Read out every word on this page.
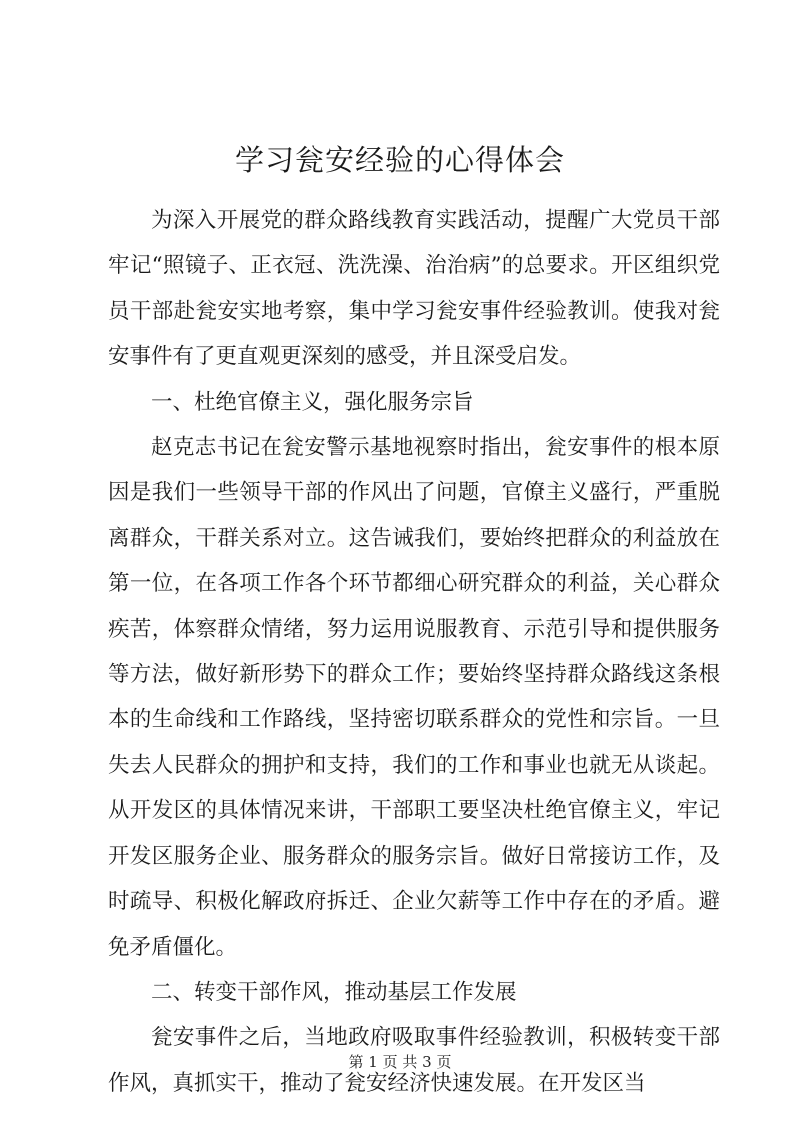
学习瓮安经验的心得体会

为深入开展党的群众路线教育实践活动，提醒广大党员干部牢记“照镜子、正衣冠、洗洗澡、治治病”的总要求。开区组织党员干部赴瓮安实地考察，集中学习瓮安事件经验教训。使我对瓮安事件有了更直观更深刻的感受，并且深受启发。

一、杜绝官僚主义，强化服务宗旨

赵克志书记在瓮安警示基地视察时指出，瓮安事件的根本原因是我们一些领导干部的作风出了问题，官僚主义盛行，严重脱离群众，干群关系对立。这告诫我们，要始终把群众的利益放在第一位，在各项工作各个环节都细心研究群众的利益，关心群众疾苦，体察群众情绪，努力运用说服教育、示范引导和提供服务等方法，做好新形势下的群众工作；要始终坚持群众路线这条根本的生命线和工作路线，坚持密切联系群众的党性和宗旨。一旦失去人民群众的拥护和支持，我们的工作和事业也就无从谈起。从开发区的具体情况来讲，干部职工要坚决杜绝官僚主义，牢记开发区服务企业、服务群众的服务宗旨。做好日常接访工作，及时疏导、积极化解政府拆迁、企业欠薪等工作中存在的矛盾。避免矛盾僵化。

二、转变干部作风，推动基层工作发展

瓮安事件之后，当地政府吸取事件经验教训，积极转变干部作风，真抓实干，推动了瓮安经济快速发展。在开发区当

第 1 页 共 3 页
